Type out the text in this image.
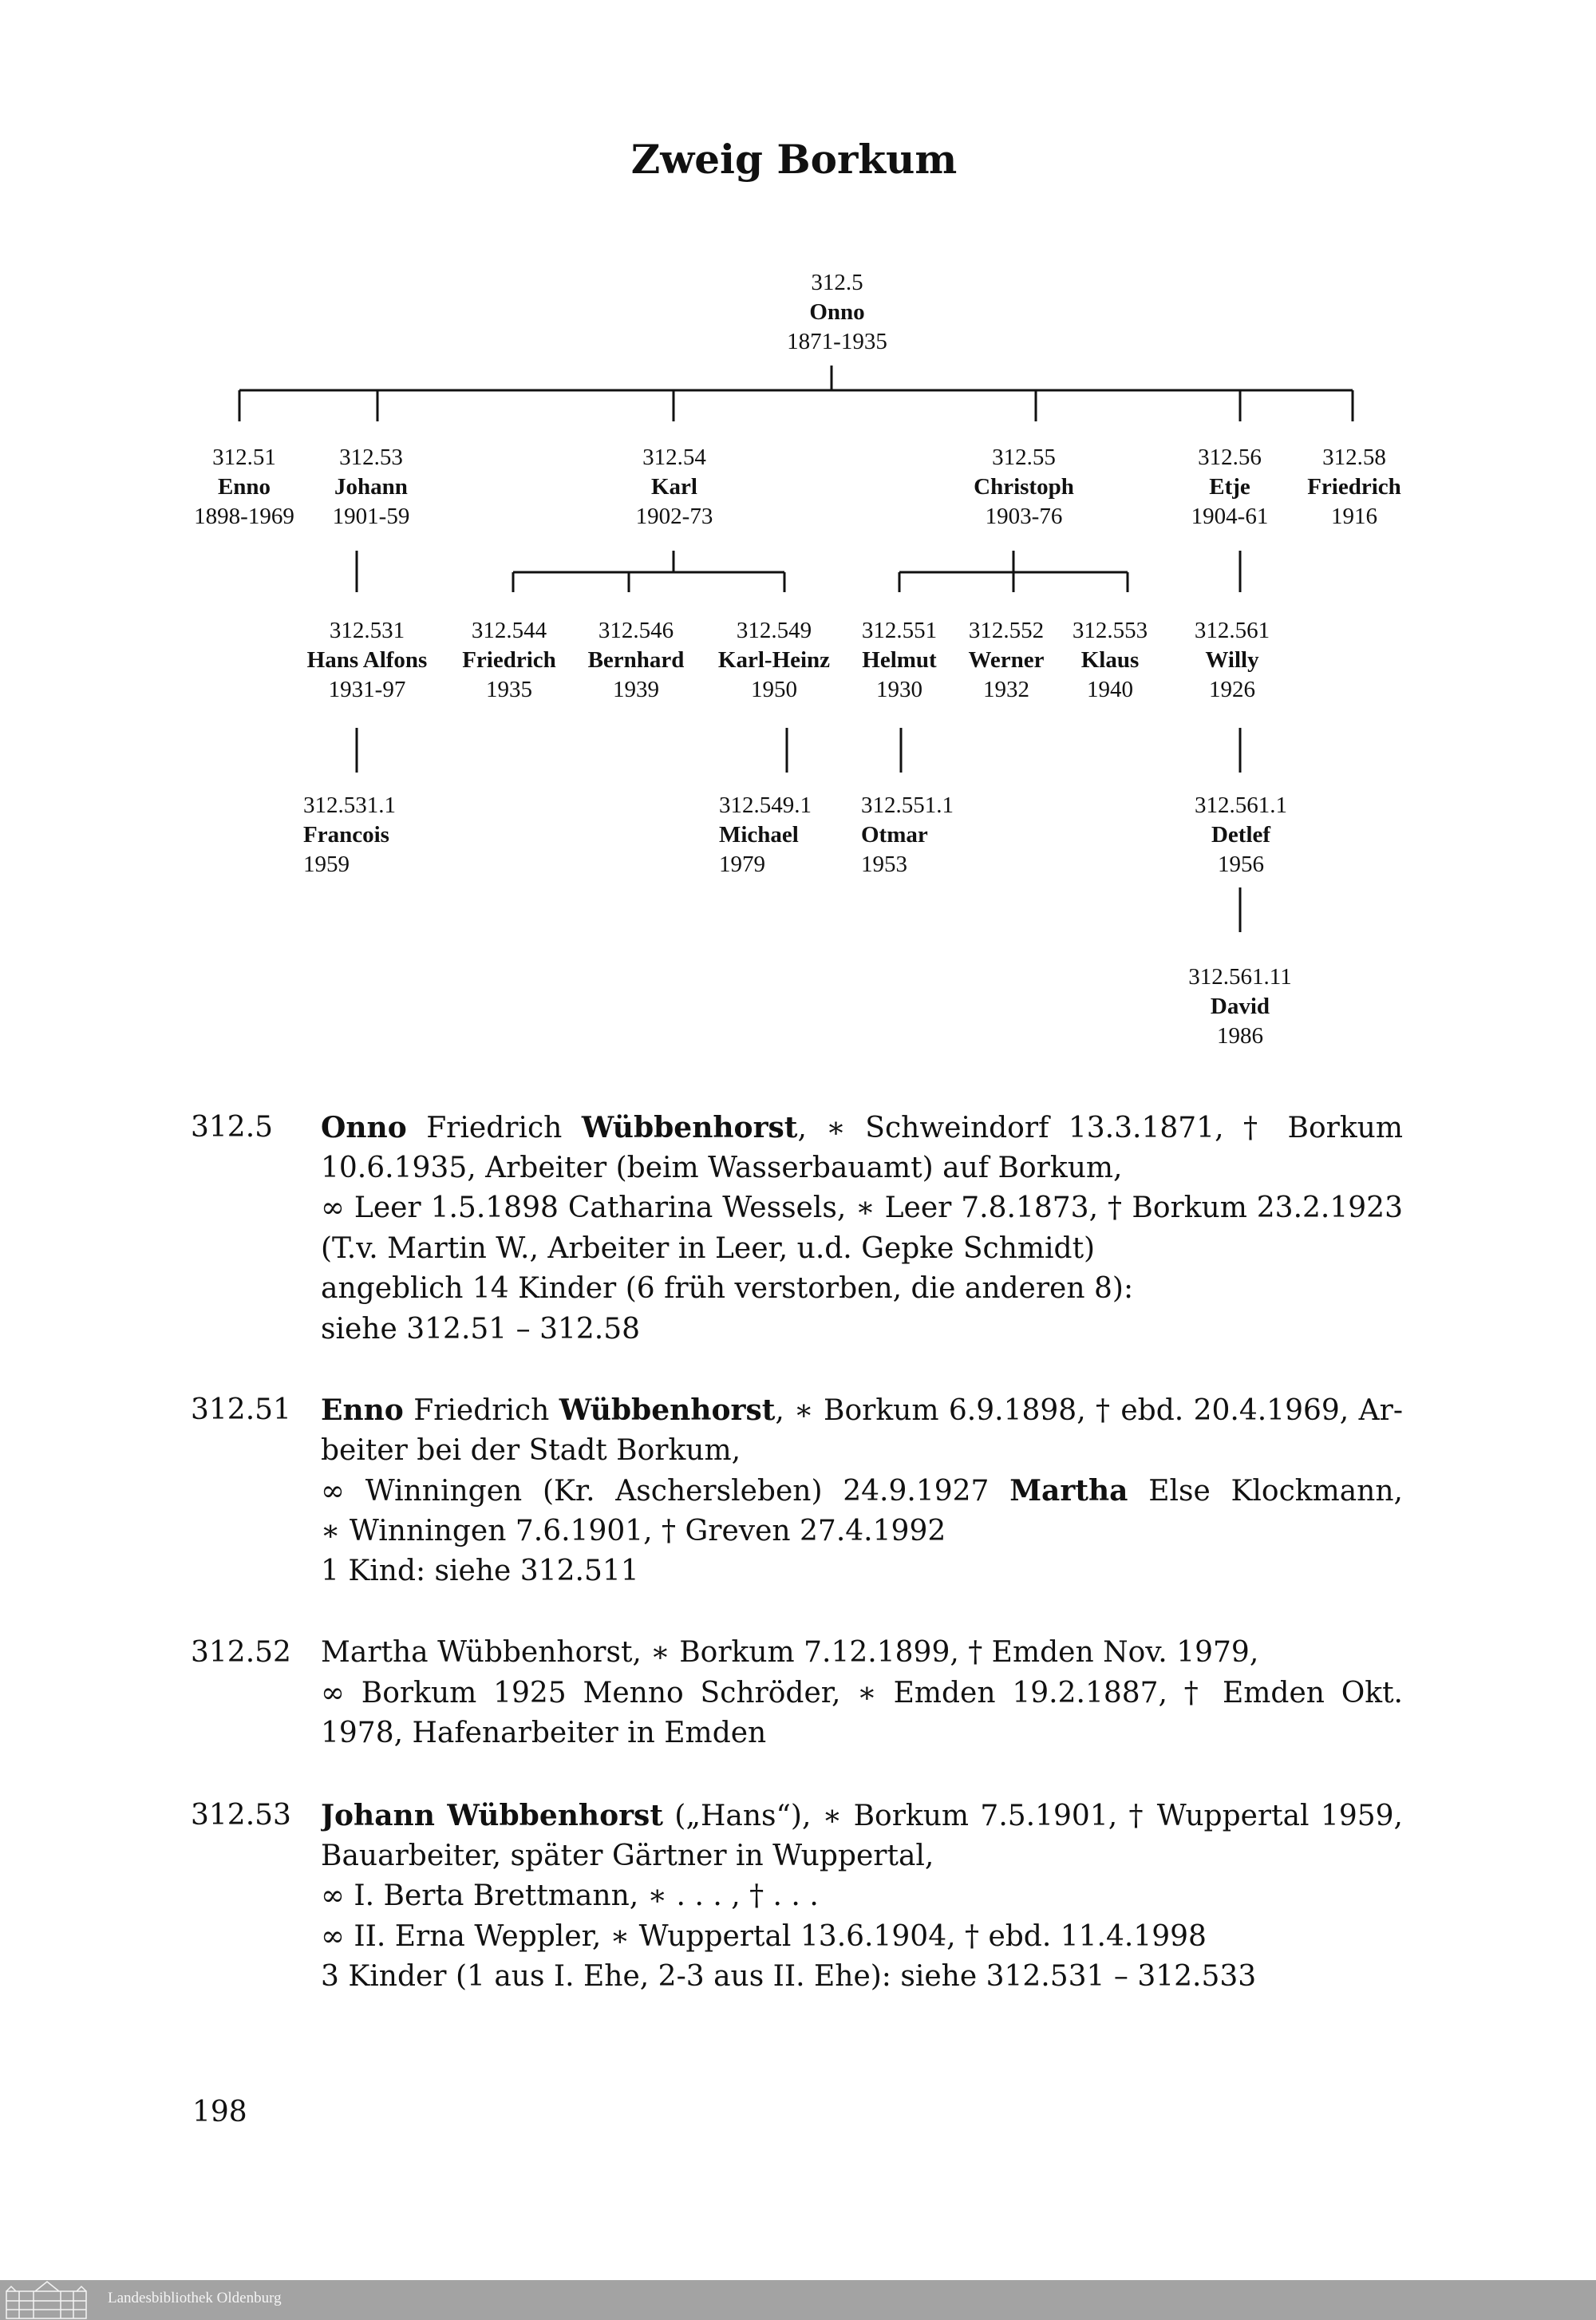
Zweig Borkum
312.5
Onno
1871-1935
312.51
Enno
1898-1969
312.53
Johann
1901-59
312.54
Karl
1902-73
312.55
Christoph
1903-76
312.56
Etje
1904-61
312.58
Friedrich
1916
312.531
Hans Alfons
1931-97
312.544
Friedrich
1935
312.546
Bernhard
1939
312.549
Karl-Heinz
1950
312.551
Helmut
1930
312.552
Werner
1932
312.553
Klaus
1940
312.561
Willy
1926
312.531.1
Francois
1959
312.549.1
Michael
1979
312.551.1
Otmar
1953
312.561.1
Detlef
1956
312.561.11
David
1986
312.5 Onno Friedrich Wübbenhorst, ∗ Schweindorf 13.3.1871, † Borkum
10.6.1935, Arbeiter (beim Wasserbauamt) auf Borkum,
∞ Leer 1.5.1898 Catharina Wessels, ∗ Leer 7.8.1873, † Borkum 23.2.1923
(T.v. Martin W., Arbeiter in Leer, u.d. Gepke Schmidt)
angeblich 14 Kinder (6 früh verstorben, die anderen 8):
siehe 312.51 – 312.58
312.51 Enno Friedrich Wübbenhorst, ∗ Borkum 6.9.1898, † ebd. 20.4.1969, Ar-
beiter bei der Stadt Borkum,
∞ Winningen (Kr. Aschersleben) 24.9.1927 Martha Else Klockmann,
∗ Winningen 7.6.1901, † Greven 27.4.1992
1 Kind: siehe 312.511
312.52 Martha Wübbenhorst, ∗ Borkum 7.12.1899, † Emden Nov. 1979,
∞ Borkum 1925 Menno Schröder, ∗ Emden 19.2.1887, † Emden Okt.
1978, Hafenarbeiter in Emden
312.53 Johann Wübbenhorst („Hans“), ∗ Borkum 7.5.1901, † Wuppertal 1959,
Bauarbeiter, später Gärtner in Wuppertal,
∞ I. Berta Brettmann, ∗ . . . , † . . .
∞ II. Erna Weppler, ∗ Wuppertal 13.6.1904, † ebd. 11.4.1998
3 Kinder (1 aus I. Ehe, 2-3 aus II. Ehe): siehe 312.531 – 312.533
198
Landesbibliothek Oldenburg
